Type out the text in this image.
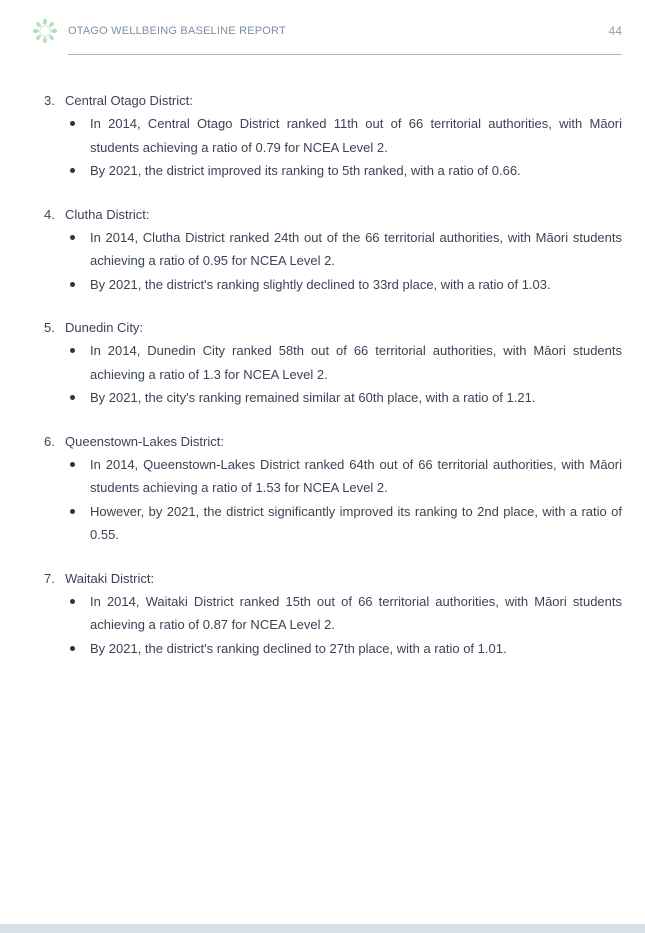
OTAGO WELLBEING BASELINE REPORT	44
3. Central Otago District:
In 2014, Central Otago District ranked 11th out of 66 territorial authorities, with Māori students achieving a ratio of 0.79 for NCEA Level 2.
By 2021, the district improved its ranking to 5th ranked, with a ratio of 0.66.
4. Clutha District:
In 2014, Clutha District ranked 24th out of the 66 territorial authorities, with Māori students achieving a ratio of 0.95 for NCEA Level 2.
By 2021, the district's ranking slightly declined to 33rd place, with a ratio of 1.03.
5. Dunedin City:
In 2014, Dunedin City ranked 58th out of 66 territorial authorities, with Māori students achieving a ratio of 1.3 for NCEA Level 2.
By 2021, the city's ranking remained similar at 60th place, with a ratio of 1.21.
6. Queenstown-Lakes District:
In 2014, Queenstown-Lakes District ranked 64th out of 66 territorial authorities, with Māori students achieving a ratio of 1.53 for NCEA Level 2.
However, by 2021, the district significantly improved its ranking to 2nd place, with a ratio of 0.55.
7. Waitaki District:
In 2014, Waitaki District ranked 15th out of 66 territorial authorities, with Māori students achieving a ratio of 0.87 for NCEA Level 2.
By 2021, the district's ranking declined to 27th place, with a ratio of 1.01.
